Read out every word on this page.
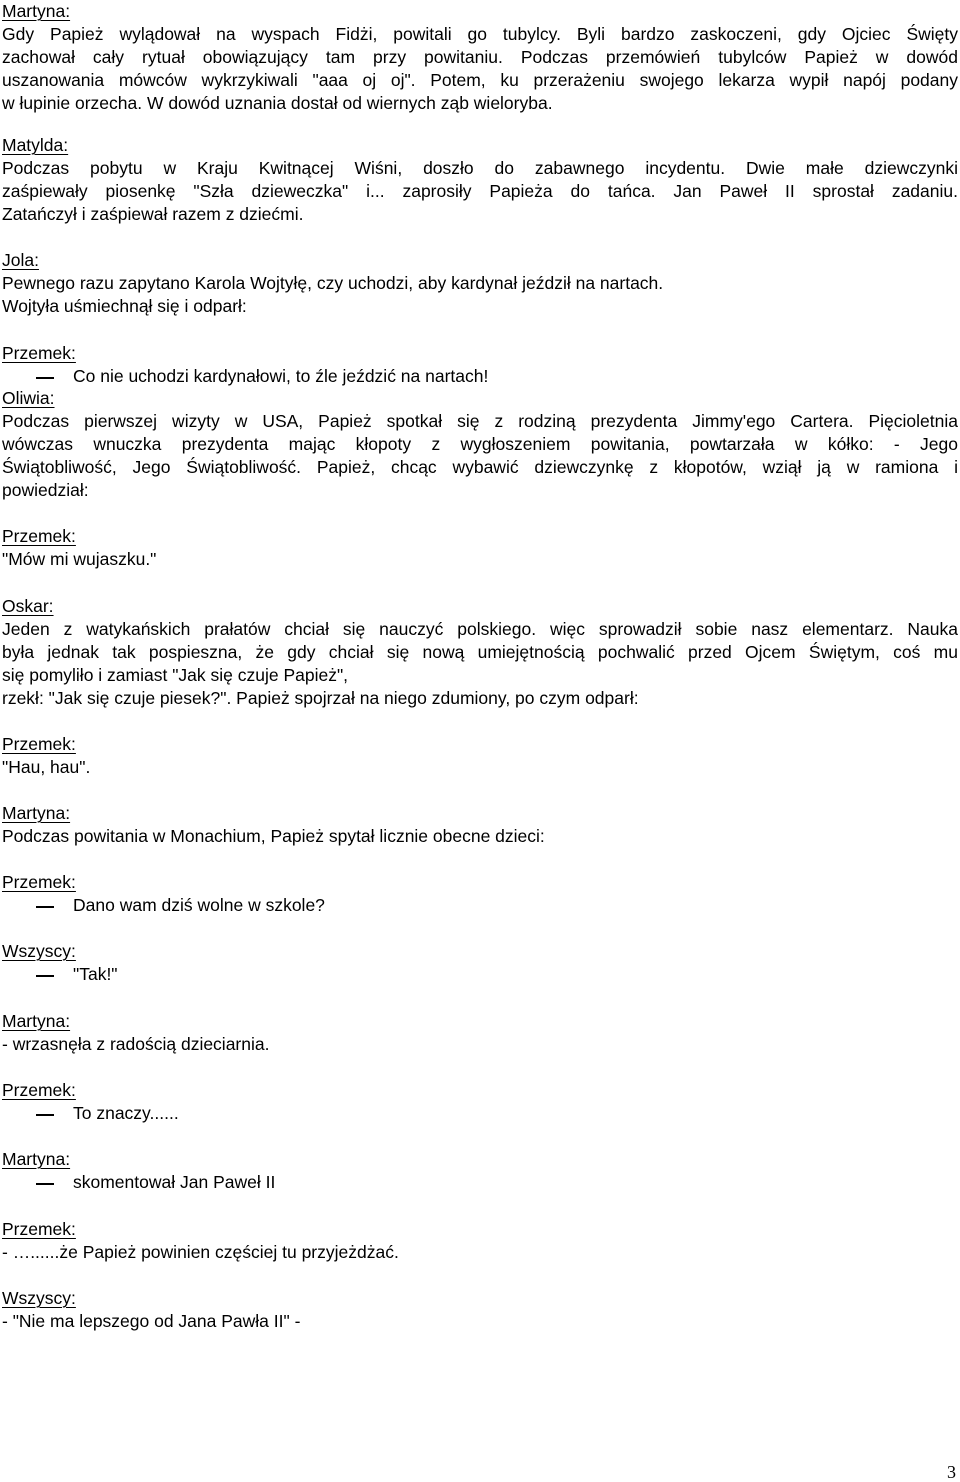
Martyna:
Gdy Papież wylądował na wyspach Fidżi, powitali go tubylcy. Byli bardzo zaskoczeni, gdy Ojciec Święty
zachował cały rytuał obowiązujący tam przy powitaniu. Podczas przemówień tubylców Papież w dowód
uszanowania mówców wykrzykiwali "aaa oj oj". Potem, ku przerażeniu swojego lekarza wypił napój podany
w łupinie orzecha. W dowód uznania dostał od wiernych ząb wieloryba.
Matylda:
Podczas pobytu w Kraju Kwitnącej Wiśni, doszło do zabawnego incydentu. Dwie małe dziewczynki
zaśpiewały piosenkę "Szła dzieweczka" i... zaprosiły Papieża do tańca. Jan Paweł II sprostał zadaniu.
Zatańczył i zaśpiewał razem z dziećmi.
Jola:
Pewnego razu zapytano Karola Wojtyłę, czy uchodzi, aby kardynał jeździł na nartach.
Wojtyła uśmiechnął się i odparł:
Przemek:
Co nie uchodzi kardynałowi, to źle jeździć na nartach!
Oliwia:
Podczas pierwszej wizyty w USA, Papież spotkał się z rodziną prezydenta Jimmy'ego Cartera. Pięcioletnia
wówczas wnuczka prezydenta mając kłopoty z wygłoszeniem powitania, powtarzała w kółko: - Jego
Świątobliwość, Jego Świątobliwość. Papież, chcąc wybawić dziewczynkę z kłopotów, wziął ją w ramiona i
powiedział:
Przemek:
"Mów mi wujaszku."
Oskar:
Jeden z watykańskich prałatów chciał się nauczyć polskiego. więc sprowadził sobie nasz elementarz. Nauka
była jednak tak pospieszna, że gdy chciał się nową umiejętnością pochwalić przed Ojcem Świętym, coś mu
się pomyliło i zamiast "Jak się czuje Papież",
rzekł: "Jak się czuje piesek?". Papież spojrzał na niego zdumiony, po czym odparł:
Przemek:
"Hau, hau".
Martyna:
Podczas powitania w Monachium, Papież spytał licznie obecne dzieci:
Przemek:
Dano wam dziś wolne w szkole?
Wszyscy:
"Tak!"
Martyna:
- wrzasnęła z radością dzieciarnia.
Przemek:
To znaczy......
Martyna:
skomentował Jan Paweł II
Przemek:
- …......że Papież powinien częściej tu przyjeżdżać.
Wszyscy:
- "Nie ma lepszego od Jana Pawła II" -
3
